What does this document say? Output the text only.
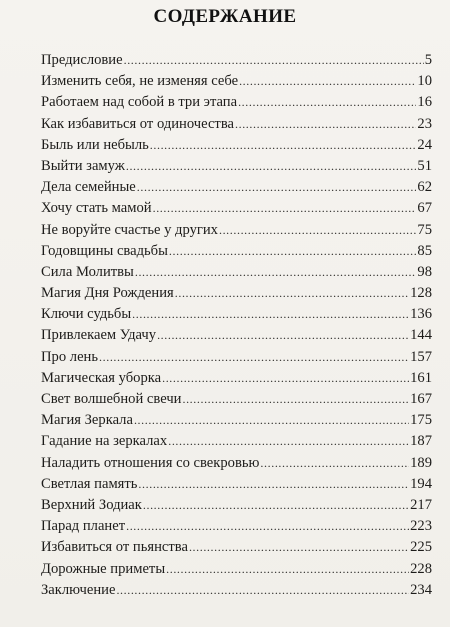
СОДЕРЖАНИЕ
Предисловие .....	5
Изменить себя, не изменяя себе .....	10
Работаем над собой в три этапа .....	16
Как избавиться от одиночества .....	23
Быль или небыль .....	24
Выйти замуж .....	51
Дела семейные .....	62
Хочу стать мамой .....	67
Не воруйте счастье у других .....	75
Годовщины свадьбы .....	85
Сила Молитвы .....	98
Магия Дня Рождения .....	128
Ключи судьбы .....	136
Привлекаем Удачу .....	144
Про лень .....	157
Магическая уборка .....	161
Свет волшебной свечи .....	167
Магия Зеркала .....	175
Гадание на зеркалах .....	187
Наладить отношения со свекровью .....	189
Светлая память .....	194
Верхний Зодиак .....	217
Парад планет .....	223
Избавиться от пьянства .....	225
Дорожные приметы .....	228
Заключение .....	234
